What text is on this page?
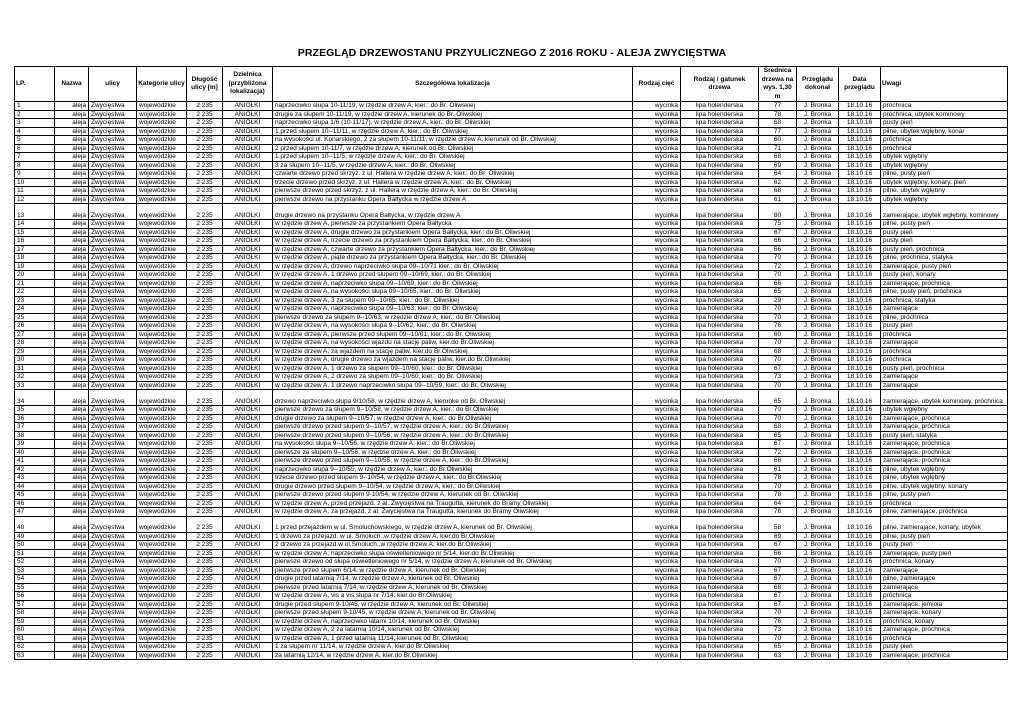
PRZEGLĄD DRZEWOSTANU PRZYULICZNEGO Z 2016 ROKU - ALEJA ZWYCIĘSTWA
LP.	Nazwa	ulicy	Kategorie ulicy	Długość ulicy [m]	Dzielnica (przybliżona lokalizacja)	Szczegółowa lokalizacja	Rodzaj cięć	Rodzaj / gatunek drzewa	Średnica drzewa na wys. 1,30 m	Przeglądu dokonał	Data przeglądu	Uwagi
1	aleja	Zwycięstwa	wojewódzkie	2 235	ANIOŁKI	naprzeciwko słupa 10-11/19, w rzędzie drzew A, kier.: do Br. Oliwskiej	wycinka	lipa holenderska	77	J. Bronka	18.10.16	próchnica
2	aleja	Zwycięstwa	wojewódzkie	2 235	ANIOŁKI	drugie za słupem 10-11/19, w rzędzie drzew A, kierunek do Br. Oliwskiej	wycinka	lipa holenderska	78	J. Bronka	18.10.16	próchnica, ubytek kominowy
3	aleja	Zwycięstwa	wojewódzkie	2 235	ANIOŁKI	naprzeciwko słupa 1/6 (10-11/17), w rzędzie drzew A, kier.: do Br. Oliwskiej	wycinka	lipa holenderska	68	J. Bronka	18.10.16	pusty pień
4	aleja	Zwycięstwa	wojewódzkie	2 235	ANIOŁKI	1 przed słupem 10--11/11, w rzędzie drzew A, kier.: do Br. Oliwskiej	wycinka	lipa holenderska	77	J. Bronka	18.10.16	pilne, ubytek wgłębny, konar
5	aleja	Zwycięstwa	wojewódzkie	2 235	ANIOŁKI	na wysokości ul. Konarskiego, 2 za słupem 10-11/11, w rzędzie drzew A, kierunek od Br. Oliwskiej	wycinka	lipa holenderska	60	J. Bronka	18.10.16	próchnica
6	aleja	Zwycięstwa	wojewódzkie	2 235	ANIOŁKI	2 przed słupem 10-11/7, w rzędzie drzew A, kierunek od Br. Oliwskiej	wycinka	lipa holenderska	71	J. Bronka	18.10.16	próchnica
7	aleja	Zwycięstwa	wojewódzkie	2 235	ANIOŁKI	1 przed słupem 10--11/5, w rzędzie drzew A, kier.: do Br. Oliwskiej	wycinka	lipa holenderska	68	J. Bronka	18.10.16	ubytek wgłębny
8	aleja	Zwycięstwa	wojewódzkie	2 235	ANIOŁKI	3 za słupem 10--11/5, w rzędzie drzew A, kier.: do Br. Oliwskiej	wycinka	lipa holenderska	69	J. Bronka	18.10.16	ubytek wgłębny
9	aleja	Zwycięstwa	wojewódzkie	2 235	ANIOŁKI	czwarte drzewo przed skrzyż. z ul. Hallera w rzędzie drzew A, kier.: do Br. Oliwskiej	wycinka	lipa holenderska	64	J. Bronka	18.10.16	pilne, pusty pień
10	aleja	Zwycięstwa	wojewódzkie	2 235	ANIOŁKI	trzecie drzewo przed skrzyż. z ul. Hallera w rzędzie drzew A, kier.: do Br. Oliwskiej	wycinka	lipa holenderska	62	J. Bronka	18.10.16	ubytek wgłębny, konary, pień
11	aleja	Zwycięstwa	wojewódzkie	2 235	ANIOŁKI	pierwsze drzewo przed skrzyż. z ul. Hallera w rzędzie drzew A, kier.: do Br. Oliwskiej	wycinka	lipa holenderska	68	J. Bronka	18.10.16	pilne, ubytek wgłębny
12	aleja	Zwycięstwa	wojewódzkie	2 235	ANIOŁKI	pierwsze drzewo na przystanku Opera Bałtycka w rzędzie drzew A	wycinka	lipa holenderska	61	J. Bronka	18.10.16	ubytek wgłębny
13	aleja	Zwycięstwa	wojewódzkie	2 235	ANIOŁKI	drugie drzewo na przystanku Opera Bałtycka, w rzędzie drzew A	wycinka	lipa holenderska	80	J. Bronka	18.10.16	zamierające, ubytek wgłębny, kominowy
14	aleja	Zwycięstwa	wojewódzkie	2 235	ANIOŁKI	w rzędzie drzew A, pierwsze za przystankiem Opera Bałtycka	wycinka	lipa holenderska	75	J. Bronka	18.10.16	pilne, pusty pień
15	aleja	Zwycięstwa	wojewódzkie	2 235	ANIOŁKI	w rzędzie drzew A, drugie drzewo za przystankiem Opera Bałtycka, kier.: do Br. Oliwskiej	wycinka	lipa holenderska	67	J. Bronka	18.10.16	pusty pień
16	aleja	Zwycięstwa	wojewódzkie	2 235	ANIOŁKI	w rzędzie drzew A, trzecie drzewo za przystankiem Opera Bałtycka, kier.: do Br. Oliwskiej	wycinka	lipa holenderska	66	J. Bronka	18.10.16	pusty pień
17	aleja	Zwycięstwa	wojewódzkie	2 235	ANIOŁKI	w rzędzie drzew A, czwarte drzewo za przystankiem Opera Bałtycka, kier.: do Br. Oliwskiej	wycinka	lipa holenderska	66	J. Bronka	18.10.16	pusty pień, próchnica
18	aleja	Zwycięstwa	wojewódzkie	2 235	ANIOŁKI	w rzędzie drzew A, piąte drzewo za przystankiem Opera Bałtycka, kier.: do Br. Oliwskiej	wycinka	lipa holenderska	70	J. Bronka	18.10.16	pilne, próchnica, statyka
19	aleja	Zwycięstwa	wojewódzkie	2 235	ANIOŁKI	w rzędzie drzew A, drzewo naprzeciwko słupa 09--10/71 kier.: do Br. Oliwskiej	wycinka	lipa holenderska	72	J. Bronka	18.10.16	zamierające, pusty pień
20	aleja	Zwycięstwa	wojewódzkie	2 235	ANIOŁKI	w rzędzie drzew A, 1 drzewo przed słupem 09--10/69, kier.: do Br. Oliwskiej	wycinka	lipa holenderska	70	J. Bronka	18.10.16	pusty pień, konary
21	aleja	Zwycięstwa	wojewódzkie	2 235	ANIOŁKI	w rzędzie drzew A, naprzeciwko słupa 09--10/69, kier.: do Br. Oliwskiej	wycinka	lipa holenderska	66	J. Bronka	18.10.16	zamierające, próchnica
22	aleja	Zwycięstwa	wojewódzkie	2 235	ANIOŁKI	w rzędzie drzew A, na wysokości słupa 09--10/65, kier.: do Br. Oliwskiej	wycinka	lipa holenderska	65	J. Bronka	18.10.16	pilne, pusty pień, próchnica
23	aleja	Zwycięstwa	wojewódzkie	2 235	ANIOŁKI	w rzędzie drzew A, 3 za słupem 09--10/65, kier.: do Br. Oliwskiej	wycinka	lipa holenderska	29	J. Bronka	18.10.16	próchnica, statyka
24	aleja	Zwycięstwa	wojewódzkie	2 235	ANIOŁKI	w rzędzie drzew A, naprzeciwko słupa 09--10/63, kier.: do Br. Oliwskiej	wycinka	lipa holenderska	70	J. Bronka	18.10.16	zamierające
25	aleja	Zwycięstwa	wojewódzkie	2 235	ANIOŁKI	pierwsze drzewo za słupem 9--10/63, w rzędzie drzew A, kier.: do Br. Oliwskiej	wycinka	lipa holenderska	70	J. Bronka	18.10.16	pilne, próchnica
26	aleja	Zwycięstwa	wojewódzkie	2 235	ANIOŁKI	w rzędzie drzew A, na wysokości słupa 9--10/62, kier.: do Br. Oliwskiej	wycinka	lipa holenderska	76	J. Bronka	18.10.16	pusty pień
27	aleja	Zwycięstwa	wojewódzkie	2 235	ANIOŁKI	w rzędzie drzew A, pierwsze przed słupem 09--10/61, kier.: do Br. Oliwskiej	wycinka	lipa holenderska	60	J. Bronka	18.10.16	próchnica
28	aleja	Zwycięstwa	wojewódzkie	2 235	ANIOŁKI	w rzędzie drzew A, na wysokości wjazdu na stację paliw, kier.do Br.Oliwskiej	wycinka	lipa holenderska	70	J. Bronka	18.10.16	zamierające
29	aleja	Zwycięstwa	wojewódzkie	2 235	ANIOŁKI	w rzędzie drzew A, za wjazdem na stację paliw, kier.do Br.Oliwskiej	wycinka	lipa holenderska	68	J. Bronka	18.10.16	próchnica
30	aleja	Zwycięstwa	wojewódzkie	2 235	ANIOŁKI	w rzędzie drzew A, drugie drzewo za wjazdem na stację paliw, kier.do Br.Oliwskiej	wycinka	lipa holenderska	70	J. Bronka	18.10.16	próchnica
31	aleja	Zwycięstwa	wojewódzkie	2 235	ANIOŁKI	w rzędzie drzew A, 1 drzewo za słupem 09--10/60, kier.: do Br. Oliwskiej	wycinka	lipa holenderska	67	J. Bronka	18.10.16	pusty pień, próchnica
32	aleja	Zwycięstwa	wojewódzkie	2 235	ANIOŁKI	w rzędzie drzew A, 2 drzewo za słupem 09--10/60, kier.: do Br. Oliwskiej	wycinka	lipa holenderska	73	J. Bronka	18.10.16	zamierające
33	aleja	Zwycięstwa	wojewódzkie	2 235	ANIOŁKI	w rzędzie drzew A, 1 drzewo naprzeciwko słupa 09--10/59, kier.: do Br. Oliwskiej	wycinka	lipa holenderska	70	J. Bronka	18.10.16	zamierające
34	aleja	Zwycięstwa	wojewódzkie	2 235	ANIOŁKI	drzewo naprzeciwko słupa 9/10/58, w rzędzie drzew A, kierunke od Br. Oliwskiej	wycinka	lipa holenderska	65	J. Bronka	18.10.16	zamierające, ubytek kominowy, próchnica
35	aleja	Zwycięstwa	wojewódzkie	2 235	ANIOŁKI	pierwsze drzewo za słupem 9--10/58, w rzędzie drzew A, kier.: do Br.Oliwskiej	wycinka	lipa holenderska	70	J. Bronka	18.10.16	ubytek wgłębny
36	aleja	Zwycięstwa	wojewódzkie	2 235	ANIOŁKI	drugie drzewo za słupem 9--10/57, w rzędzie drzew A, kier.: do Br.Oliwskiej	wycinka	lipa holenderska	70	J. Bronka	18.10.16	zamierające, próchnica
37	aleja	Zwycięstwa	wojewódzkie	2 235	ANIOŁKI	pierwsze drzewo przed słupem 9--10/57, w rzędzie drzew A, kier.: do Br.Oliwskiej	wycinka	lipa holenderska	68	J. Bronka	18.10.16	zamierające, próchnica
38	aleja	Zwycięstwa	wojewódzkie	2 235	ANIOŁKI	pierwsze drzewo przed słupem 9--10/56, w rzędzie drzew A, kier.: do Br.Oliwskiej	wycinka	lipa holenderska	65	J. Bronka	18.10.16	pusty pień, statyka
39	aleja	Zwycięstwa	wojewódzkie	2 235	ANIOŁKI	na wysokości słupa 9--10/56, w rzędzie drzew A, kier.: do Br.Oliwskiej	wycinka	lipa holenderska	67	J. Bronka	18.10.16	zamierające, próchnica
40	aleja	Zwycięstwa	wojewódzkie	2 235	ANIOŁKI	pierwsze za słupem 9--10/56, w rzędzie drzew A, kier.: do Br.Oliwskiej	wycinka	lipa holenderska	72	J. Bronka	18.10.16	zamierające, próchnica
41	aleja	Zwycięstwa	wojewódzkie	2 235	ANIOŁKI	pierwsze drzewo przed słupem 9--10/55, w rzędzie drzew A, kier.: do Br.Oliwskiej	wycinka	lipa holenderska	66	J. Bronka	18.10.16	zamierające, próchnica
42	aleja	Zwycięstwa	wojewódzkie	2 235	ANIOŁKI	naprzeciwko słupa 9--10/55, w rzędzie drzew A, kier.: do Br.Oliwskiej	wycinka	lipa holenderska	61	J. Bronka	18.10.16	pilne, ubytek wgłębny
43	aleja	Zwycięstwa	wojewódzkie	2 235	ANIOŁKI	trzecie drzewo przed słupem 9--10/54, w rzędzie drzew A, kier.: do Br.Oliwskiej	wycinka	lipa holenderska	78	J. Bronka	18.10.16	pilne, ubytek wgłębny
44	aleja	Zwycięstwa	wojewódzkie	2 235	ANIOŁKI	drugie drzewo przed słupem 9--10/54, w rzędzie drzew A, kier.: do Br.Oliwskiej	wycinka	lipa holenderska	70	J. Bronka	18.10.16	pilne, ubytek wgłębny, konary
45	aleja	Zwycięstwa	wojewódzkie	2 235	ANIOŁKI	pierwsze drzewo przed słupem 9-10/54, w rzędzie drzew A, kierunek od Br. Oliwskiej	wycinka	lipa holenderska	78	J. Bronka	18.10.16	pilne, pusty pień
46	aleja	Zwycięstwa	wojewódzkie	2 235	ANIOŁKI	w rzędzie drzew A, przed przejazd. z al. Zwycięstwa na Traugutta, kierunek do Bramy Oliwskiej	wycinka	lipa holenderska	64	J. Bronka	18.10.16	próchnica
47	aleja	Zwycięstwa	wojewódzkie	2 235	ANIOŁKI	w rzędzie drzew A, za przejazd. z al. Zwycięstwa na Traugutta, kierunek do Bramy Oliwskiej	wycinka	lipa holenderska	76	J. Bronka	18.10.16	pilne, zamierające, próchnica
48	aleja	Zwycięstwa	wojewódzkie	2 235	ANIOŁKI	1 przed przejazdem w ul. Smoluchowskiego, w rzędzie drzew A, kierunek od Br. Oliwskiej	wycinka	lipa holenderska	58	J. Bronka	18.10.16	pilne, zamierające, konary, ubytek
49	aleja	Zwycięstwa	wojewódzkie	2 235	ANIOŁKI	1 drzewo za przejazd. w ul. Smoluch.,w rzędzie drzew A, kier.do Br.Oliwskiej	wycinka	lipa holenderska	69	J. Bronka	18.10.16	pilne, pusty pień
50	aleja	Zwycięstwa	wojewódzkie	2 235	ANIOŁKI	2 drzewo za przejazd.w ul.Smoluch.,w rzędzie drzew A, kier.do Br.Oliwskiej	wycinka	lipa holenderska	67	J. Bronka	18.10.16	pusty pień
51	aleja	Zwycięstwa	wojewódzkie	2 235	ANIOŁKI	w rzędzie drzew A, naprzeciwko słupa oświetleniowego nr 5/14, kier.do Br.Oliwskiej	wycinka	lipa holenderska	66	J. Bronka	18.10.16	zamierające, pusty pień
52	aleja	Zwycięstwa	wojewódzkie	2 235	ANIOŁKI	pierwsze drzewo od słupa oświetleniowego nr 5/14, w rzędzie drzew A, kierunek od Br. Oliwskiej	wycinka	lipa holenderska	70	J. Bronka	18.10.16	próchnica, konary
53	aleja	Zwycięstwa	wojewódzkie	2 235	ANIOŁKI	pierwsze przed słupem 6/14, w rzędzie drzew A, kierunek od Br. Oliwskiej	wycinka	lipa holenderska	67	J. Bronka	18.10.16	zamierające
54	aleja	Zwycięstwa	wojewódzkie	2 235	ANIOŁKI	drugie przed latarnią 7/14, w rzędzie drzew A, kierunek od Br. Oliwskiej	wycinka	lipa holenderska	67	J. Bronka	18.10.16	pilne, zamierające
55	aleja	Zwycięstwa	wojewódzkie	2 235	ANIOŁKI	pierwsze przed latarnią 7/14, w rzędzie drzew A, kierunek od Br. Oliwskiej	wycinka	lipa holenderska	68	J. Bronka	18.10.16	zamierające
56	aleja	Zwycięstwa	wojewódzkie	2 235	ANIOŁKI	w rzędzie drzew A, vis a vis słupa nr 7/14, kier.do Br.Oliwskiej	wycinka	lipa holenderska	67	J. Bronka	18.10.16	próchnica
57	aleja	Zwycięstwa	wojewódzkie	2 235	ANIOŁKI	drugie przed słupem 9-10/45, w rzędzie drzew A, kierunek od Br. Oliwskiej	wycinka	lipa holenderska	67	J. Bronka	18.10.16	zamierające, jemioła
58	aleja	Zwycięstwa	wojewódzkie	2 235	ANIOŁKI	pierwsze przed słupem 9-10/45, w rzędzie drzew A, kierunek od Br. Oliwskiej	wycinka	lipa holenderska	70	J. Bronka	18.10.16	zamierające, konary
59	aleja	Zwycięstwa	wojewódzkie	2 235	ANIOŁKI	w rzędzie drzew A, naprzeciwko latarni 10/14, kierunek od Br. Oliwskiej	wycinka	lipa holenderska	76	J. Bronka	18.10.16	próchnica, konary
60	aleja	Zwycięstwa	wojewódzkie	2 235	ANIOŁKI	w rzędzie drzew A, 2 za latarnią 10/14, kierunek od Br. Oliwskiej	wycinka	lipa holenderska	73	J. Bronka	18.10.16	zamierające, próchnica
61	aleja	Zwycięstwa	wojewódzkie	2 235	ANIOŁKI	w rzędzie drzew A, 1 przed latarnią 11/14, kierunek od Br. Oliwskiej	wycinka	lipa holenderska	70	J. Bronka	18.10.16	próchnica
62	aleja	Zwycięstwa	wojewódzkie	2 235	ANIOŁKI	1 za słupem nr 11/14, w rzędzie drzew A, kier.do Br.Oliwskiej	wycinka	lipa holenderska	65	J. Bronka	18.10.16	pusty pień
63	aleja	Zwycięstwa	wojewódzkie	2 235	ANIOŁKI	za latarnią 12/14, w rzędzie drzew A, kier.do Br.Oliwskiej	wycinka	lipa holenderska	63	J. Bronka	18.10.16	zamierające, próchnica
